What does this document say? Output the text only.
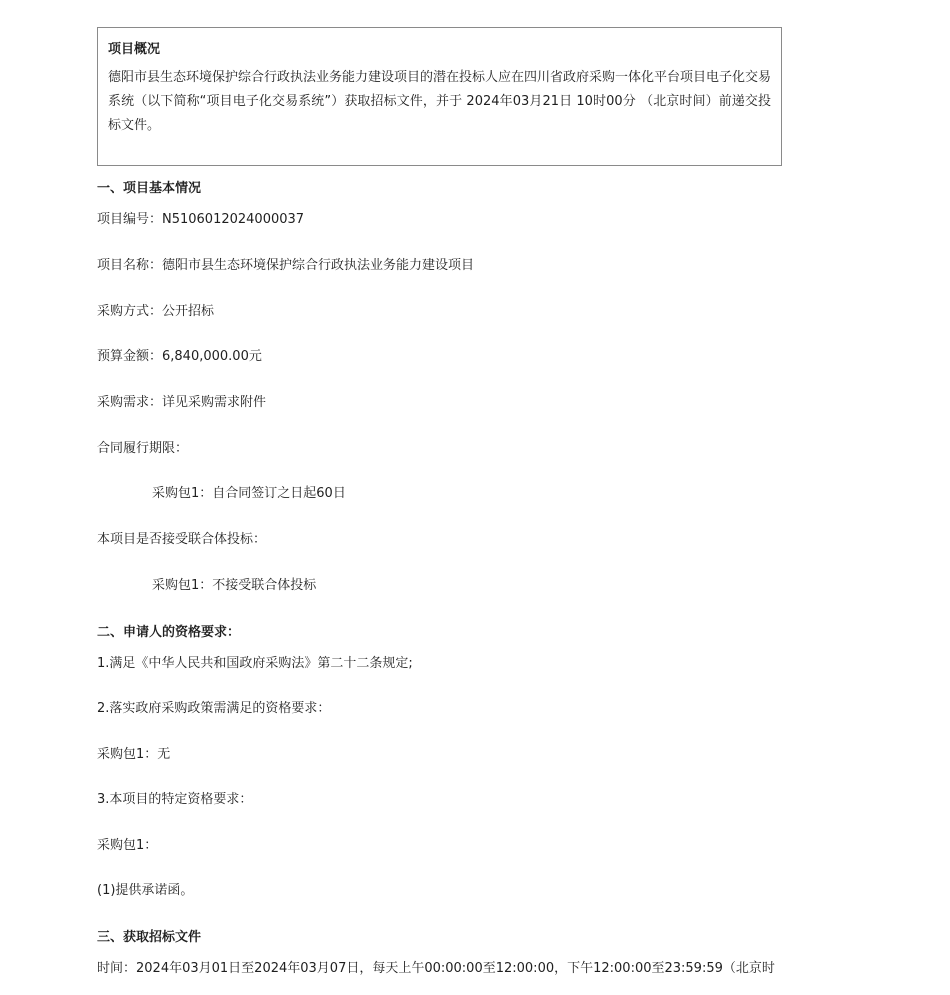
项目概况

德阳市县生态环境保护综合行政执法业务能力建设项目的潜在投标人应在四川省政府采购一体化平台项目电子化交易系统（以下简称“项目电子化交易系统”）获取招标文件，并于 2024年03月21日 10时00分 （北京时间）前递交投标文件。

一、项目基本情况
项目编号：N5106012024000037
项目名称：德阳市县生态环境保护综合行政执法业务能力建设项目
采购方式：公开招标
预算金额：6,840,000.00元
采购需求：详见采购需求附件
合同履行期限：
采购包1：自合同签订之日起60日
本项目是否接受联合体投标：
采购包1：不接受联合体投标
二、申请人的资格要求：
1.满足《中华人民共和国政府采购法》第二十二条规定;
2.落实政府采购政策需满足的资格要求：
采购包1：无
3.本项目的特定资格要求：
采购包1：
(1)提供承诺函。
三、获取招标文件
时间：2024年03月01日至2024年03月07日，每天上午00:00:00至12:00:00，下午12:00:00至23:59:59（北京时
